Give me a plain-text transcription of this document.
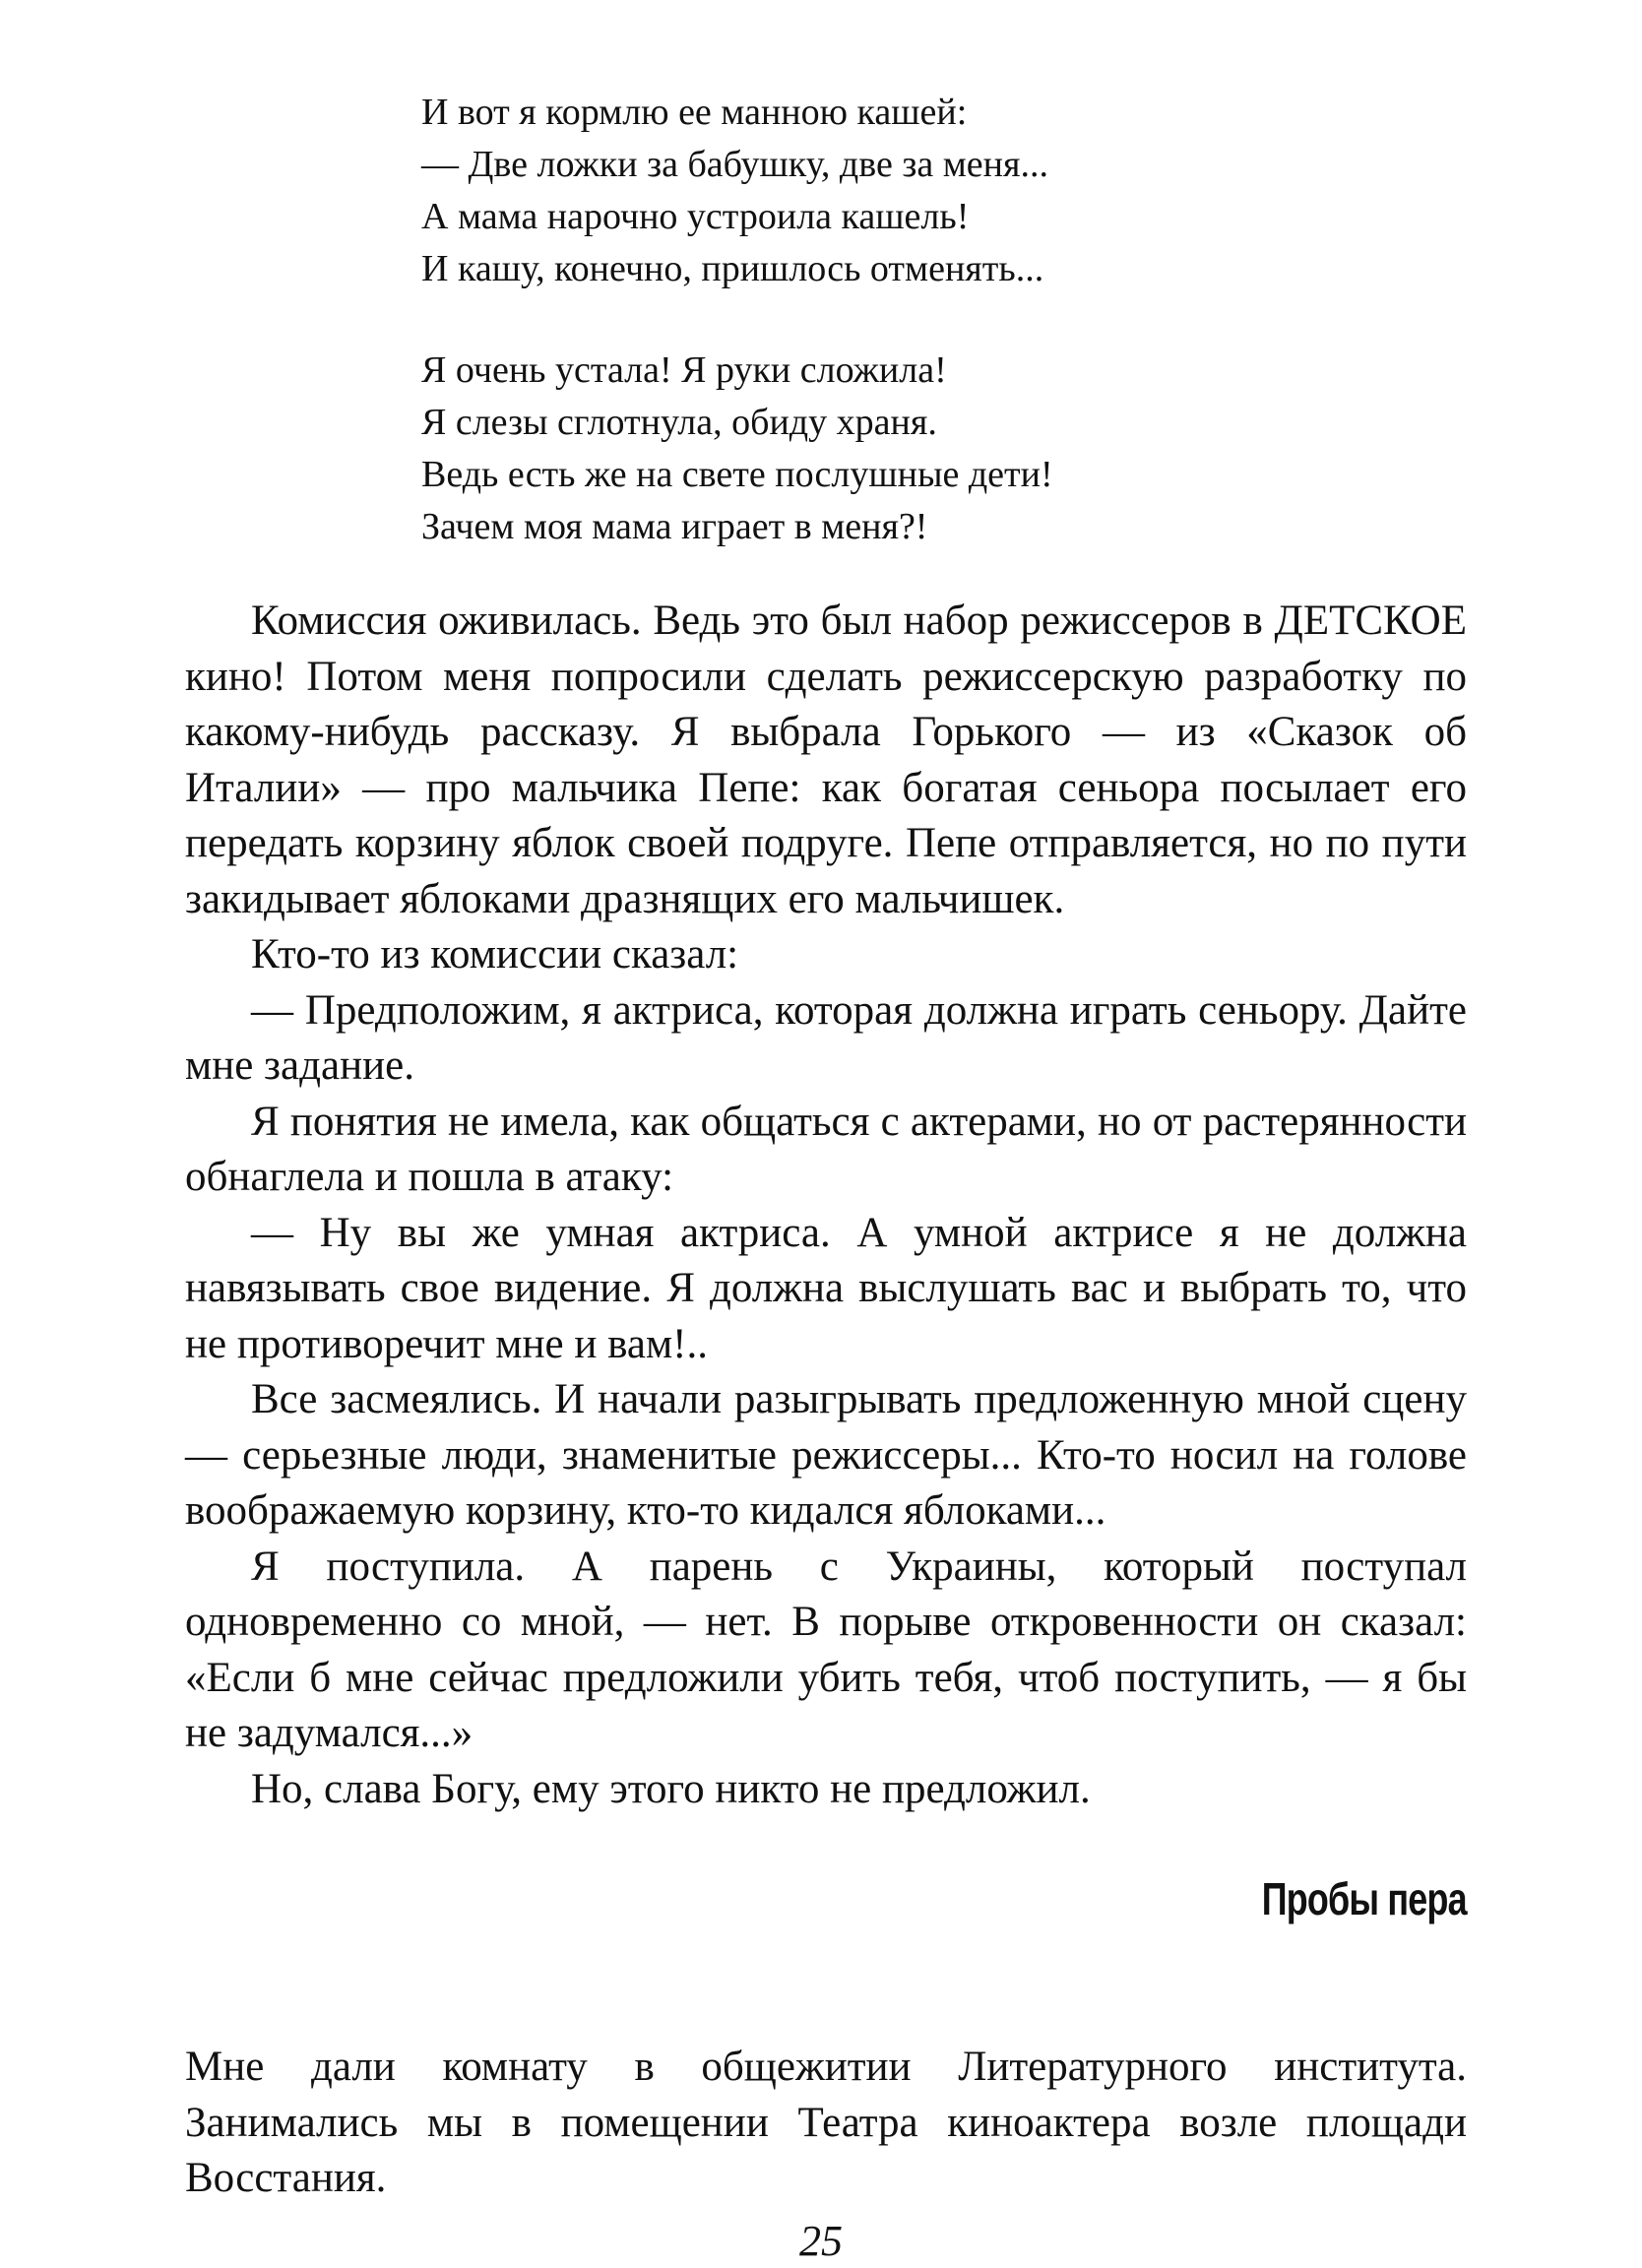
И вот я кормлю ее манною кашей:
— Две ложки за бабушку, две за меня...
А мама нарочно устроила кашель!
И кашу, конечно, пришлось отменять...
Я очень устала! Я руки сложила!
Я слезы сглотнула, обиду храня.
Ведь есть же на свете послушные дети!
Зачем моя мама играет в меня?!

Комиссия оживилась. Ведь это был набор режиссеров в ДЕТСКОЕ кино! Потом меня попросили сделать режиссерскую разработку по какому-нибудь рассказу. Я выбрала Горького — из «Сказок об Италии» — про мальчика Пепе: как богатая сеньора посылает его передать корзину яблок своей подруге. Пепе отправляется, но по пути закидывает яблоками дразнящих его мальчишек.

Кто-то из комиссии сказал:

— Предположим, я актриса, которая должна играть сеньору. Дайте мне задание.

Я понятия не имела, как общаться с актерами, но от растерянности обнаглела и пошла в атаку:

— Ну вы же умная актриса. А умной актрисе я не должна навязывать свое видение. Я должна выслушать вас и выбрать то, что не противоречит мне и вам!..

Все засмеялись. И начали разыгрывать предложенную мной сцену — серьезные люди, знаменитые режиссеры... Кто-то носил на голове воображаемую корзину, кто-то кидался яблоками...

Я поступила. А парень с Украины, который поступал одновременно со мной, — нет. В порыве откровенности он сказал: «Если б мне сейчас предложили убить тебя, чтоб поступить, — я бы не задумался...»

Но, слава Богу, ему этого никто не предложил.

Пробы пера

Мне дали комнату в общежитии Литературного института. Занимались мы в помещении Театра киноактера возле площади Восстания.

25
